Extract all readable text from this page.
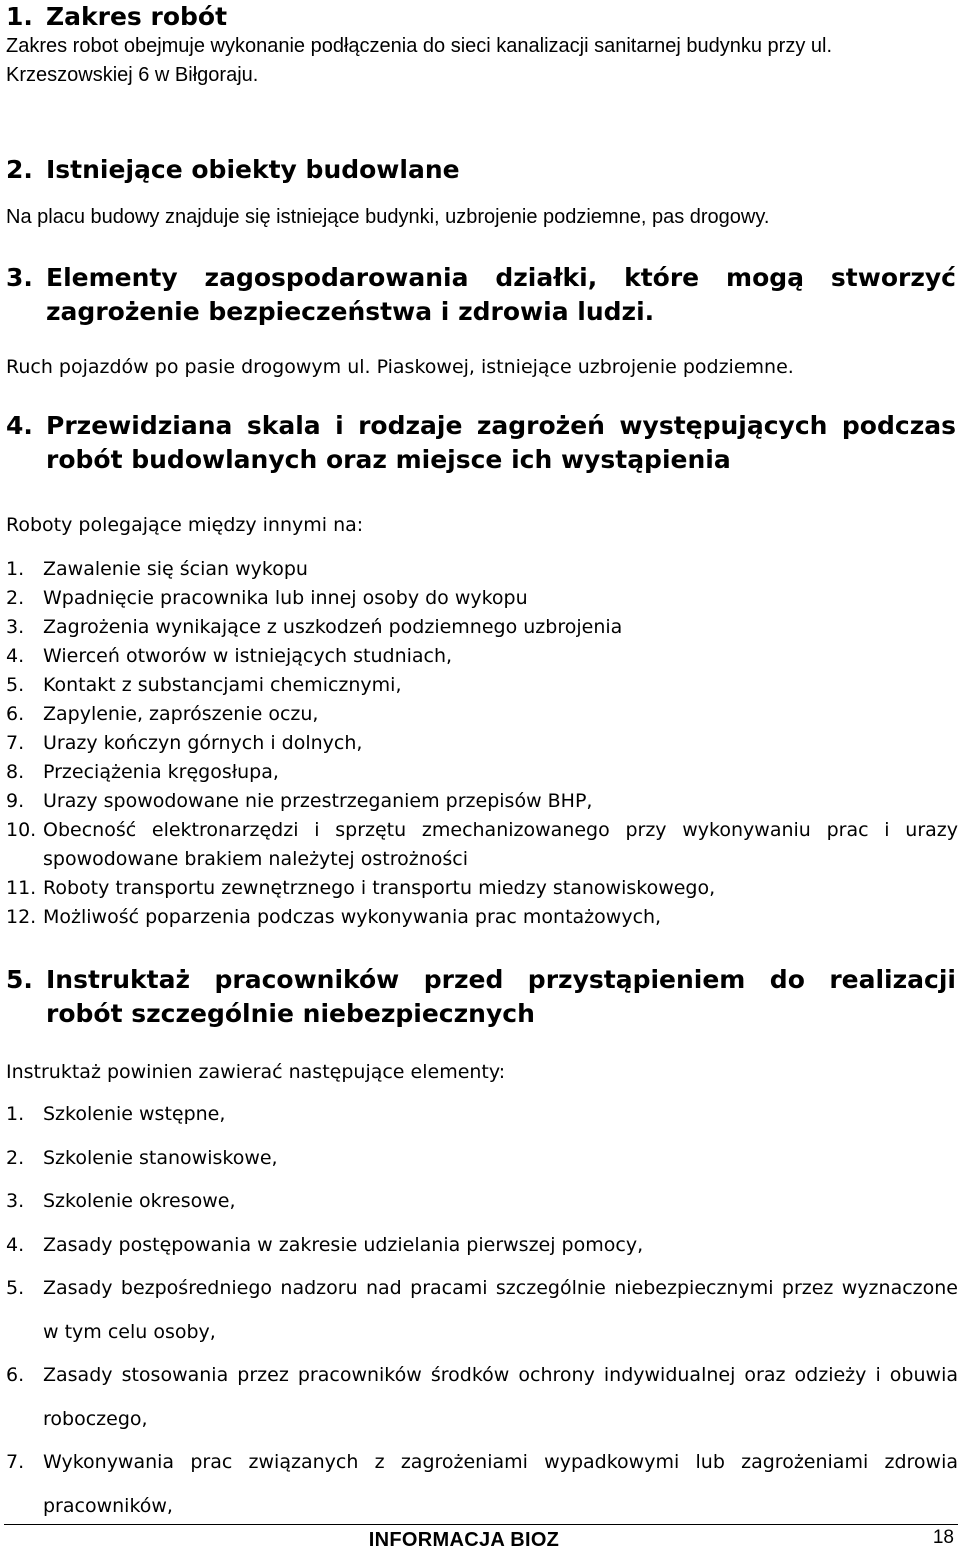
1. Zakres robót

Zakres robot obejmuje wykonanie podłączenia do sieci kanalizacji sanitarnej budynku przy ul. Krzeszowskiej 6 w Biłgoraju.

2. Istniejące obiekty budowlane

Na placu budowy znajduje się istniejące budynki, uzbrojenie podziemne, pas drogowy.

3. Elementy zagospodarowania działki, które mogą stworzyć zagrożenie bezpieczeństwa i zdrowia ludzi.

Ruch pojazdów po pasie drogowym ul. Piaskowej, istniejące uzbrojenie podziemne.

4. Przewidziana skala i rodzaje zagrożeń występujących podczas robót budowlanych oraz miejsce ich wystąpienia

Roboty polegające między innymi na:

1. Zawalenie się ścian wykopu
2. Wpadnięcie pracownika lub innej osoby do wykopu
3. Zagrożenia wynikające z uszkodzeń podziemnego uzbrojenia
4. Wierceń otworów w istniejących studniach,
5. Kontakt z substancjami chemicznymi,
6. Zapylenie, zaprószenie oczu,
7. Urazy kończyn górnych i dolnych,
8. Przeciążenia kręgosłupa,
9. Urazy spowodowane nie przestrzeganiem przepisów BHP,
10. Obecność elektronarzędzi i sprzętu zmechanizowanego przy wykonywaniu prac i urazy spowodowane brakiem należytej ostrożności
11. Roboty transportu zewnętrznego i transportu miedzy stanowiskowego,
12. Możliwość poparzenia podczas wykonywania prac montażowych,
5. Instruktaż pracowników przed przystąpieniem do realizacji robót szczególnie niebezpiecznych

Instruktaż powinien zawierać następujące elementy:

1. Szkolenie wstępne,
2. Szkolenie stanowiskowe,
3. Szkolenie okresowe,
4. Zasady postępowania w zakresie udzielania pierwszej pomocy,
5. Zasady bezpośredniego nadzoru nad pracami szczególnie niebezpiecznymi przez wyznaczone w tym celu osoby,
6. Zasady stosowania przez pracowników środków ochrony indywidualnej oraz odzieży i obuwia roboczego,
7. Wykonywania prac związanych z zagrożeniami wypadkowymi lub zagrożeniami zdrowia pracowników,
INFORMACJA BIOZ	18
